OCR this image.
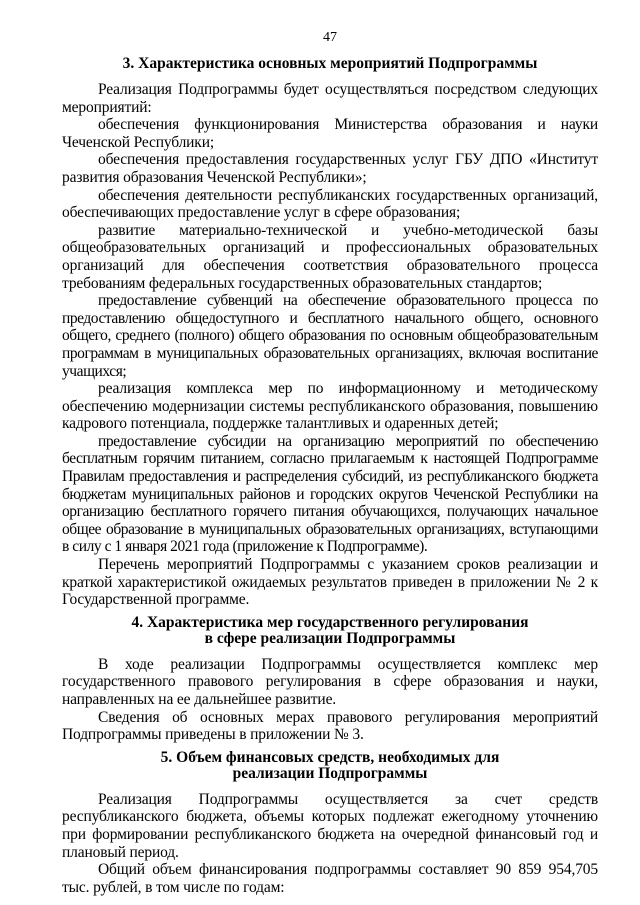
47
3. Характеристика основных мероприятий Подпрограммы

Реализация Подпрограммы будет осуществляться посредством следующих мероприятий:

обеспечения функционирования Министерства образования и науки Чеченской Республики;

обеспечения предоставления государственных услуг ГБУ ДПО «Институт развития образования Чеченской Республики»;

обеспечения деятельности республиканских государственных организаций, обеспечивающих предоставление услуг в сфере образования;

развитие материально-технической и учебно-методической базы общеобразовательных организаций и профессиональных образовательных организаций для обеспечения соответствия образовательного процесса требованиям федеральных государственных образовательных стандартов;

предоставление субвенций на обеспечение образовательного процесса по предоставлению общедоступного и бесплатного начального общего, основного общего, среднего (полного) общего образования по основным общеобразовательным программам в муниципальных образовательных организациях, включая воспитание учащихся;

реализация комплекса мер по информационному и методическому обеспечению модернизации системы республиканского образования, повышению кадрового потенциала, поддержке талантливых и одаренных детей;

предоставление субсидии на организацию мероприятий по обеспечению бесплатным горячим питанием, согласно прилагаемым к настоящей Подпрограмме Правилам предоставления и распределения субсидий, из республиканского бюджета бюджетам муниципальных районов и городских округов Чеченской Республики на организацию бесплатного горячего питания обучающихся, получающих начальное общее образование в муниципальных образовательных организациях, вступающими в силу с 1 января 2021 года (приложение к Подпрограмме).

Перечень мероприятий Подпрограммы с указанием сроков реализации и краткой характеристикой ожидаемых результатов приведен в приложении № 2 к Государственной программе.

4. Характеристика мер государственного регулирования
в сфере реализации Подпрограммы

В ходе реализации Подпрограммы осуществляется комплекс мер государственного правового регулирования в сфере образования и науки, направленных на ее дальнейшее развитие.

Сведения об основных мерах правового регулирования мероприятий Подпрограммы приведены в приложении № 3.

5. Объем финансовых средств, необходимых для
реализации Подпрограммы

Реализация Подпрограммы осуществляется за счет средств республиканского бюджета, объемы которых подлежат ежегодному уточнению при формировании республиканского бюджета на очередной финансовый год и плановый период.

Общий объем финансирования подпрограммы составляет 90 859 954,705 тыс. рублей, в том числе по годам:
